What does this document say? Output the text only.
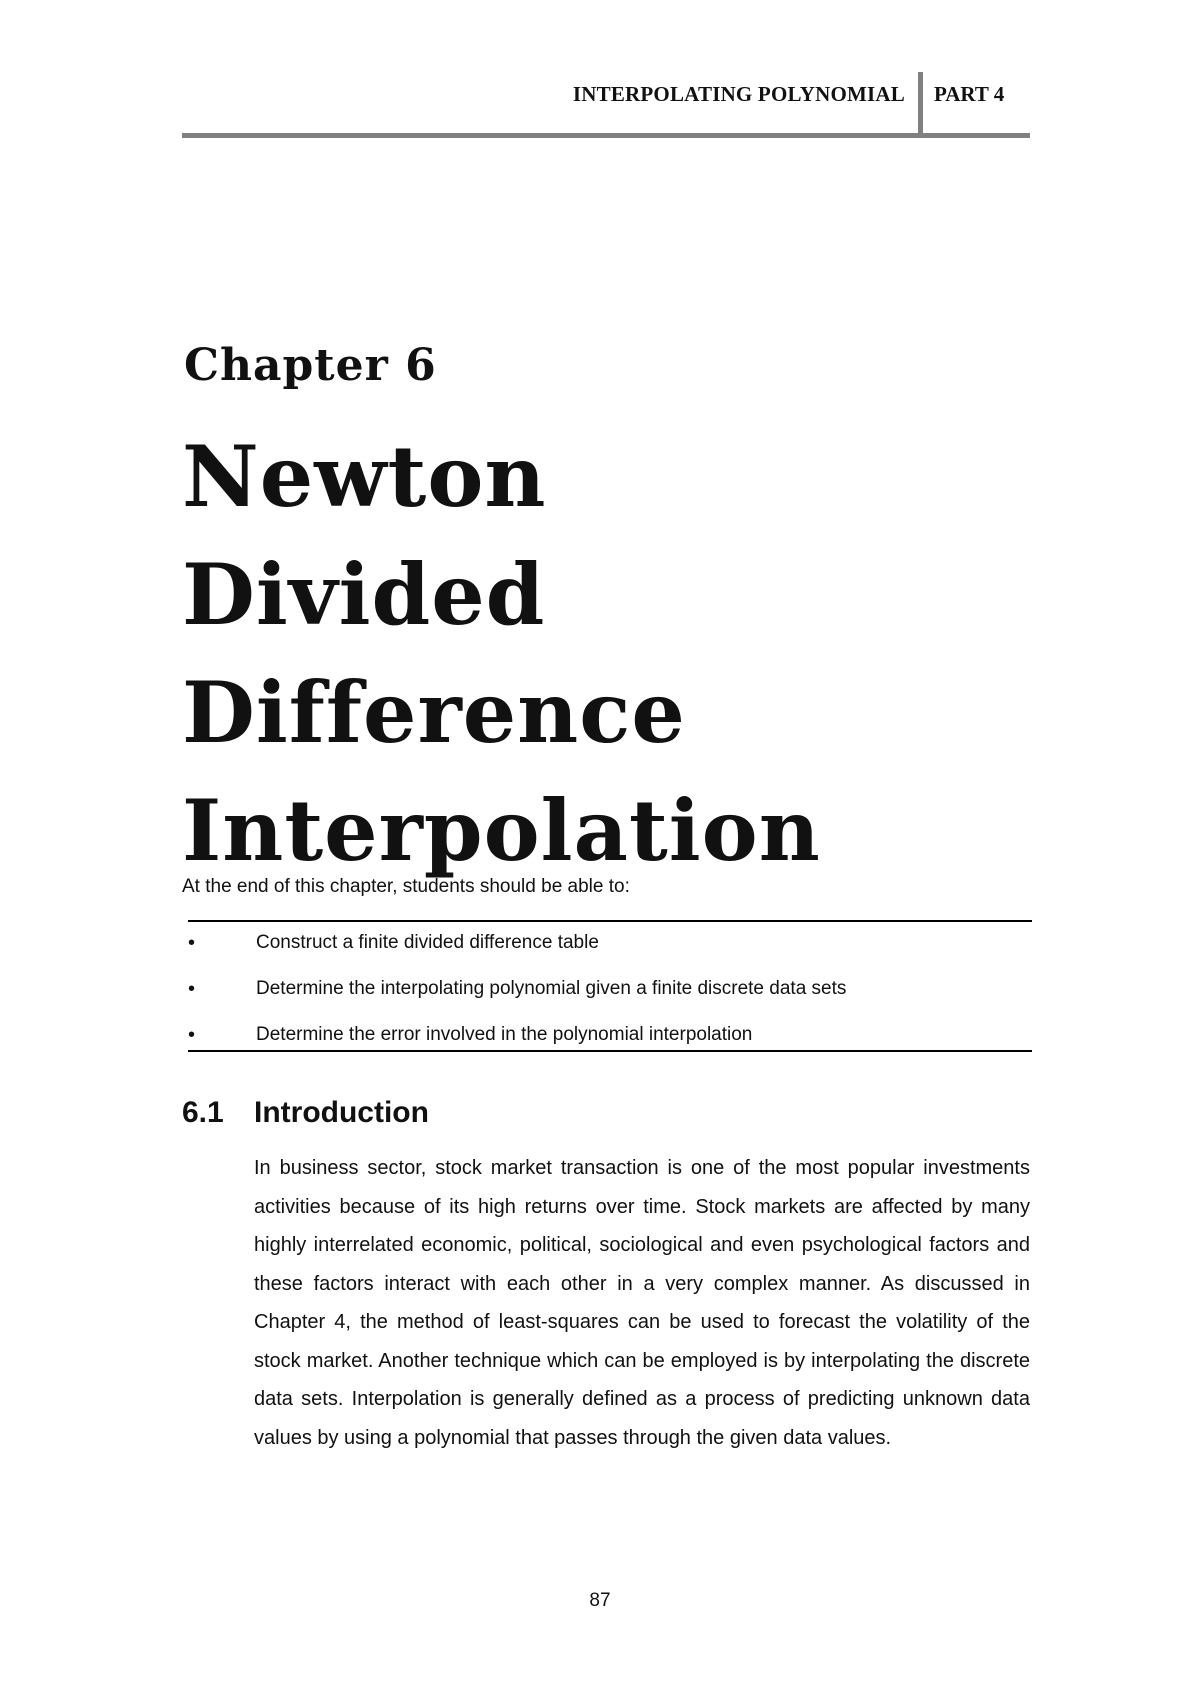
INTERPOLATING POLYNOMIAL PART 4
Chapter 6
Newton
Divided
Difference
Interpolation
At the end of this chapter, students should be able to:
•	Construct a finite divided difference table
•	Determine the interpolating polynomial given a finite discrete data sets
•	Determine the error involved in the polynomial interpolation
6.1 Introduction
In business sector, stock market transaction is one of the most popular investments activities because of its high returns over time. Stock markets are affected by many highly interrelated economic, political, sociological and even psychological factors and these factors interact with each other in a very complex manner. As discussed in Chapter 4, the method of least-squares can be used to forecast the volatility of the stock market. Another technique which can be employed is by interpolating the discrete data sets. Interpolation is generally defined as a process of predicting unknown data values by using a polynomial that passes through the given data values.
87
